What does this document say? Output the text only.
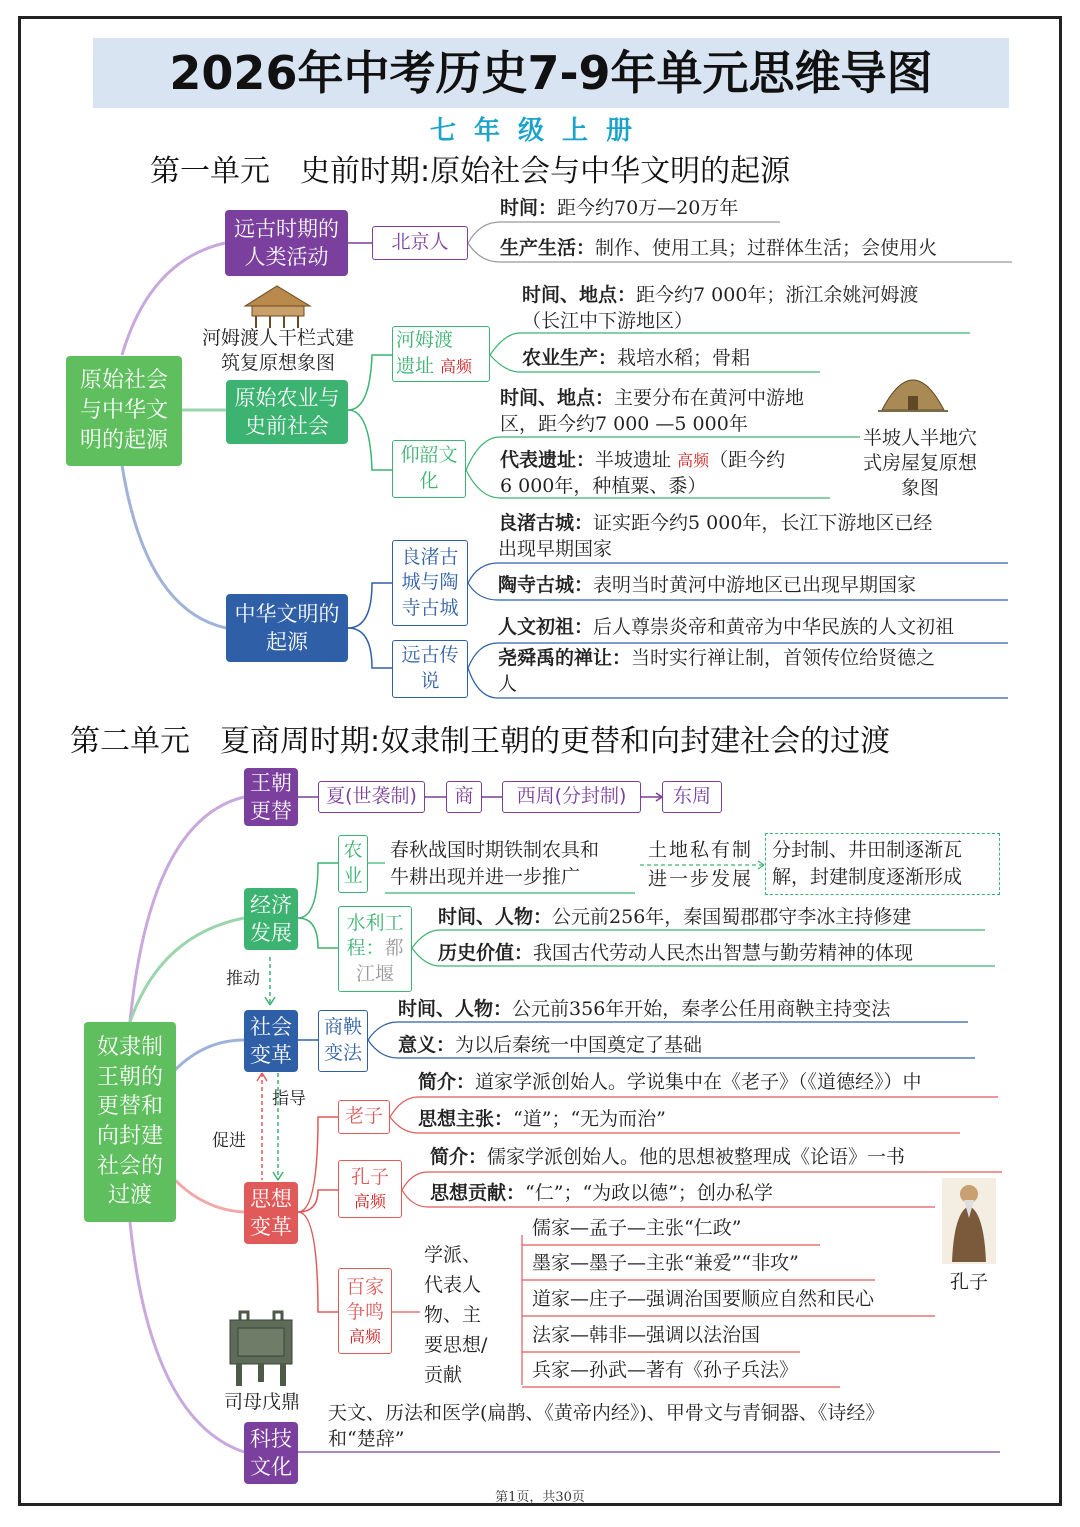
2026年中考历史7-9年单元思维导图
七年级上册
第一单元　史前时期:原始社会与中华文明的起源
原始社会与中华文明的起源
远古时期的人类活动
北京人
时间：距今约70万—20万年
生产生活：制作、使用工具；过群体生活；会使用火
河姆渡人干栏式建筑复原想象图
原始农业与史前社会
河姆渡
遗址 高频
时间、地点：距今约7 000年；浙江余姚河姆渡
（长江中下游地区）
农业生产：栽培水稻；骨耜
仰韶文化
时间、地点：主要分布在黄河中游地
区，距今约7 000 —5 000年
代表遗址：半坡遗址 高频（距今约
6 000年，种植粟、黍）
半坡人半地穴式房屋复原想象图
中华文明的起源
良渚古城与陶寺古城
良渚古城：证实距今约5 000年，长江下游地区已经
出现早期国家
陶寺古城：表明当时黄河中游地区已出现早期国家
远古传说
人文初祖：后人尊崇炎帝和黄帝为中华民族的人文初祖
尧舜禹的禅让：当时实行禅让制，首领传位给贤德之
人
第二单元　夏商周时期:奴隶制王朝的更替和向封建社会的过渡
奴隶制王朝的更替和向封建社会的过渡
王朝更替
夏(世袭制)	商	西周(分封制)	东周
经济发展
农业
春秋战国时期铁制农具和
牛耕出现并进一步推广
土地私有制
进一步发展
分封制、井田制逐渐瓦
解，封建制度逐渐形成
水利工
程：都
江堰
时间、人物：公元前256年，秦国蜀郡郡守李冰主持修建
历史价值：我国古代劳动人民杰出智慧与勤劳精神的体现
推动
社会变革
商鞅变法
时间、人物：公元前356年开始，秦孝公任用商鞅主持变法
意义：为以后秦统一中国奠定了基础
指导
促进
思想变革
老子
简介：道家学派创始人。学说集中在《老子》（《道德经》）中
思想主张：“道”；“无为而治”
孔子
高频
简介：儒家学派创始人。他的思想被整理成《论语》一书
思想贡献：“仁”；“为政以德”；创办私学
百家
争鸣
高频
学派、
代表人
物、主
要思想/
贡献
儒家—孟子—主张“仁政”
墨家—墨子—主张“兼爱”“非攻”
道家—庄子—强调治国要顺应自然和民心
法家—韩非—强调以法治国
兵家—孙武—著有《孙子兵法》
孔子
司母戊鼎
科技文化
天文、历法和医学(扁鹊、《黄帝内经》)、甲骨文与青铜器、《诗经》
和“楚辞”
第1页，共30页
